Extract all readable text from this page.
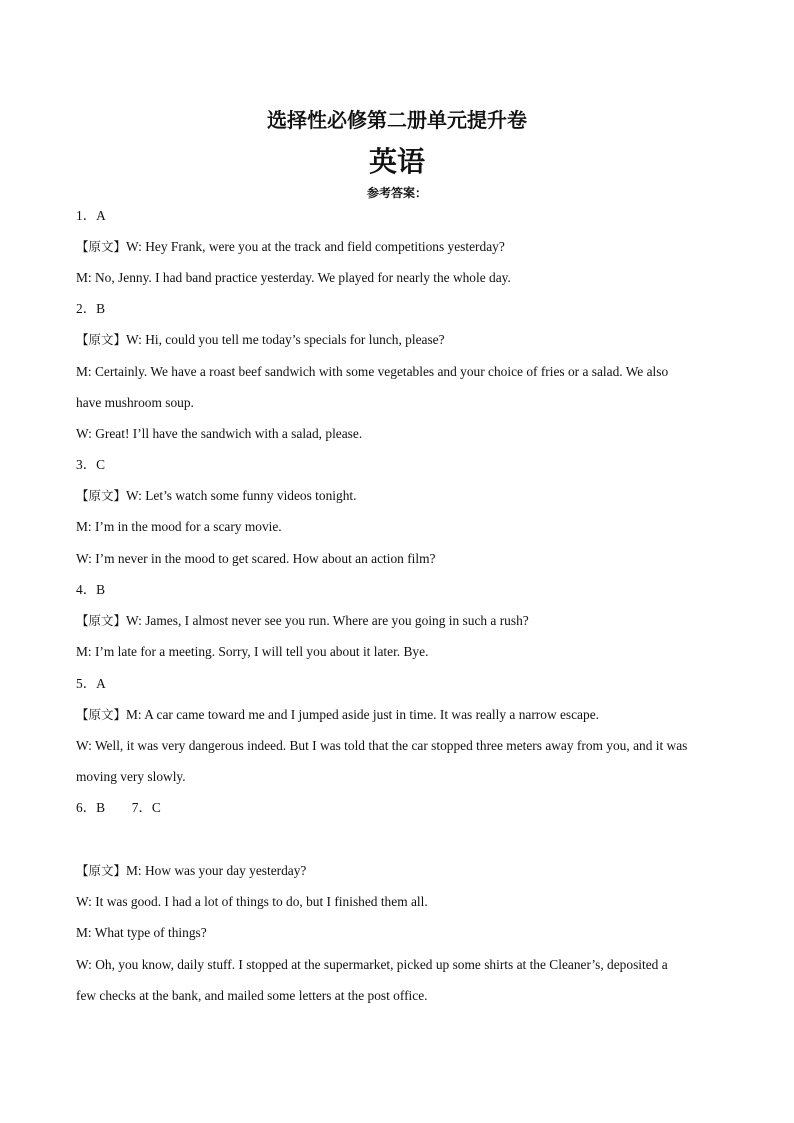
选择性必修第二册单元提升卷
英语
参考答案：
1．A
【原文】W: Hey Frank, were you at the track and field competitions yesterday?
M: No, Jenny. I had band practice yesterday. We played for nearly the whole day.
2．B
【原文】W: Hi, could you tell me today’s specials for lunch, please?
M: Certainly. We have a roast beef sandwich with some vegetables and your choice of fries or a salad. We also
have mushroom soup.
W: Great! I’ll have the sandwich with a salad, please.
3．C
【原文】W: Let’s watch some funny videos tonight.
M: I’m in the mood for a scary movie.
W: I’m never in the mood to get scared. How about an action film?
4．B
【原文】W: James, I almost never see you run. Where are you going in such a rush?
M: I’m late for a meeting. Sorry, I will tell you about it later. Bye.
5．A
【原文】M: A car came toward me and I jumped aside just in time. It was really a narrow escape.
W: Well, it was very dangerous indeed. But I was told that the car stopped three meters away from you, and it was
moving very slowly.
6．B　　7．C
【原文】M: How was your day yesterday?
W: It was good. I had a lot of things to do, but I finished them all.
M: What type of things?
W: Oh, you know, daily stuff. I stopped at the supermarket, picked up some shirts at the Cleaner’s, deposited a
few checks at the bank, and mailed some letters at the post office.
